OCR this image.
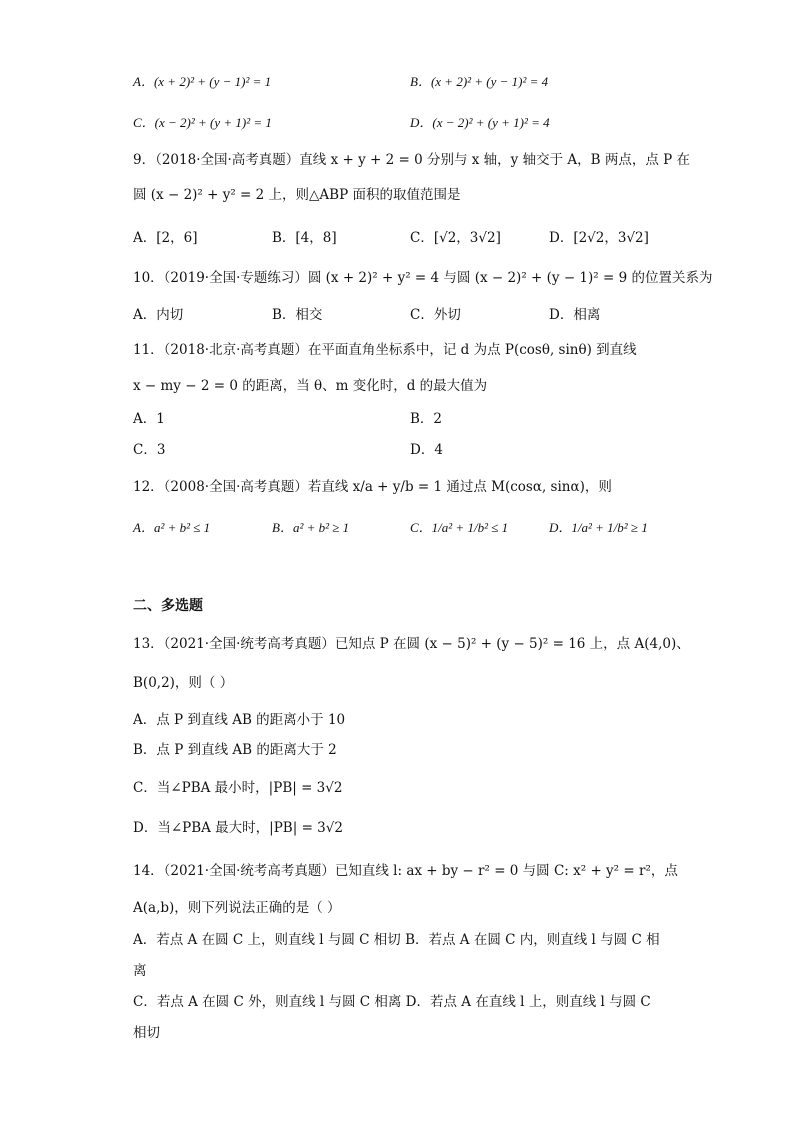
A．(x + 2)² + (y − 1)² = 1	B．(x + 2)² + (y − 1)² = 4
C．(x − 2)² + (y + 1)² = 1	D．(x − 2)² + (y + 1)² = 4
9．（2018·全国·高考真题）直线 x + y + 2 = 0 分别与 x 轴，y 轴交于 A，B 两点，点 P 在
圆 (x − 2)² + y² = 2 上，则△ABP 面积的取值范围是
A．[2，6]	B．[4，8]	C．[√2，3√2]	D．[2√2，3√2]
10．（2019·全国·专题练习）圆 (x + 2)² + y² = 4 与圆 (x − 2)² + (y − 1)² = 9 的位置关系为
A．内切	B．相交	C．外切	D．相离
11．（2018·北京·高考真题）在平面直角坐标系中，记 d 为点 P(cosθ, sinθ) 到直线
x − my − 2 = 0 的距离，当 θ、m 变化时，d 的最大值为
A．1	B．2
C．3	D．4
12．（2008·全国·高考真题）若直线 x/a + y/b = 1 通过点 M(cosα, sinα)，则
A．a² + b² ≤ 1	B．a² + b² ≥ 1	C．1/a² + 1/b² ≤ 1	D．1/a² + 1/b² ≥ 1
二、多选题
13．（2021·全国·统考高考真题）已知点 P 在圆 (x − 5)² + (y − 5)² = 16 上，点 A(4,0)、
B(0,2)，则（ ）
A．点 P 到直线 AB 的距离小于 10
B．点 P 到直线 AB 的距离大于 2
C．当∠PBA 最小时，|PB| = 3√2
D．当∠PBA 最大时，|PB| = 3√2
14．（2021·全国·统考高考真题）已知直线 l: ax + by − r² = 0 与圆 C: x² + y² = r²，点
A(a,b)，则下列说法正确的是（ ）
A．若点 A 在圆 C 上，则直线 l 与圆 C 相切 B．若点 A 在圆 C 内，则直线 l 与圆 C 相
离
C．若点 A 在圆 C 外，则直线 l 与圆 C 相离 D．若点 A 在直线 l 上，则直线 l 与圆 C
相切
